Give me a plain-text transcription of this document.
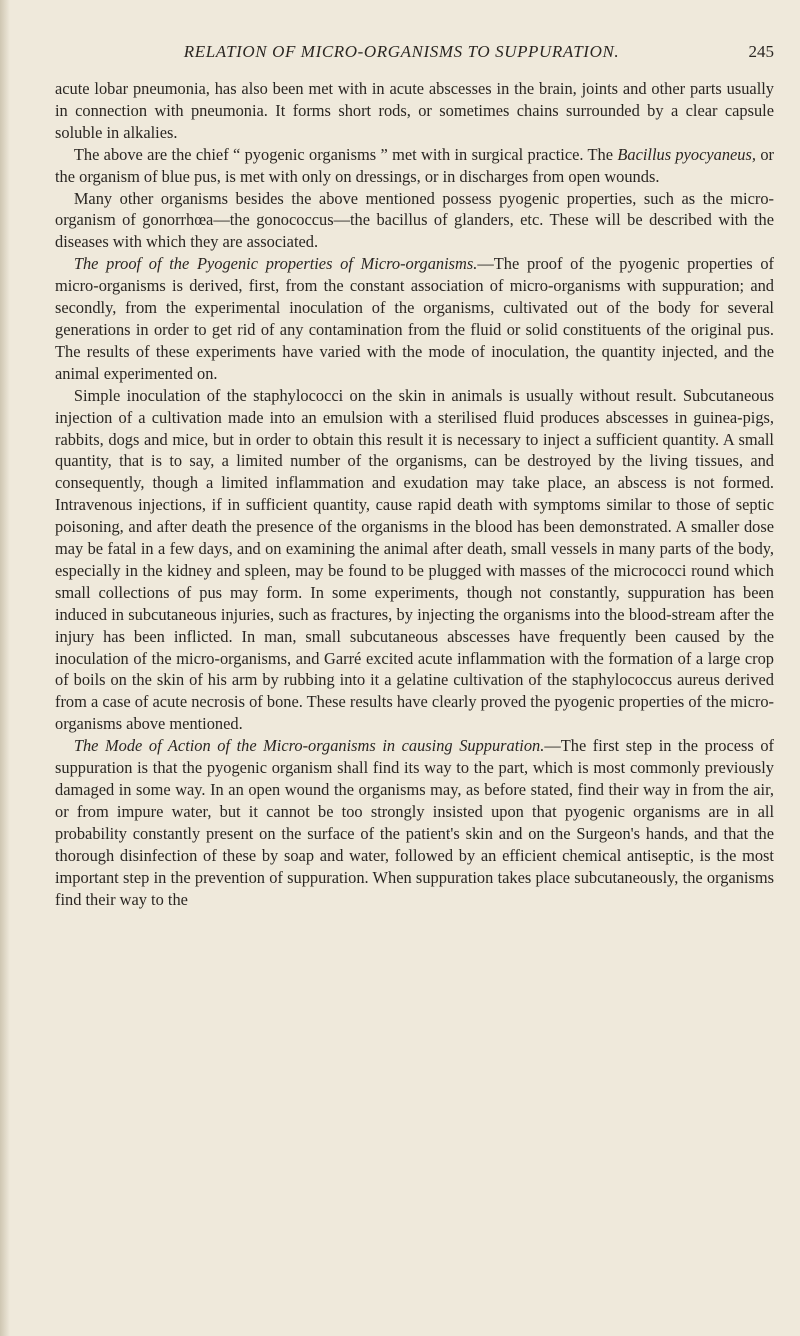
RELATION OF MICRO-ORGANISMS TO SUPPURATION.	245

acute lobar pneumonia, has also been met with in acute abscesses in the brain, joints and other parts usually in connection with pneumonia. It forms short rods, or sometimes chains surrounded by a clear capsule soluble in alkalies.

The above are the chief “ pyogenic organisms ” met with in surgical practice. The Bacillus pyocyaneus, or the organism of blue pus, is met with only on dressings, or in discharges from open wounds.

Many other organisms besides the above mentioned possess pyogenic properties, such as the micro-organism of gonorrhœa—the gonococcus—the bacillus of glanders, etc. These will be described with the diseases with which they are associated.

The proof of the Pyogenic properties of Micro-organisms.—The proof of the pyogenic properties of micro-organisms is derived, first, from the constant association of micro-organisms with suppuration; and secondly, from the experimental inoculation of the organisms, cultivated out of the body for several generations in order to get rid of any contamination from the fluid or solid constituents of the original pus. The results of these experiments have varied with the mode of inoculation, the quantity injected, and the animal experimented on.

Simple inoculation of the staphylococci on the skin in animals is usually without result. Subcutaneous injection of a cultivation made into an emulsion with a sterilised fluid produces abscesses in guinea-pigs, rabbits, dogs and mice, but in order to obtain this result it is necessary to inject a sufficient quantity. A small quantity, that is to say, a limited number of the organisms, can be destroyed by the living tissues, and consequently, though a limited inflammation and exudation may take place, an abscess is not formed. Intravenous injections, if in sufficient quantity, cause rapid death with symptoms similar to those of septic poisoning, and after death the presence of the organisms in the blood has been demonstrated. A smaller dose may be fatal in a few days, and on examining the animal after death, small vessels in many parts of the body, especially in the kidney and spleen, may be found to be plugged with masses of the micrococci round which small collections of pus may form. In some experiments, though not constantly, suppuration has been induced in subcutaneous injuries, such as fractures, by injecting the organisms into the blood-stream after the injury has been inflicted. In man, small subcutaneous abscesses have frequently been caused by the inoculation of the micro-organisms, and Garré excited acute inflammation with the formation of a large crop of boils on the skin of his arm by rubbing into it a gelatine cultivation of the staphylococcus aureus derived from a case of acute necrosis of bone. These results have clearly proved the pyogenic properties of the micro-organisms above mentioned.

The Mode of Action of the Micro-organisms in causing Suppuration.—The first step in the process of suppuration is that the pyogenic organism shall find its way to the part, which is most commonly previously damaged in some way. In an open wound the organisms may, as before stated, find their way in from the air, or from impure water, but it cannot be too strongly insisted upon that pyogenic organisms are in all probability constantly present on the surface of the patient's skin and on the Surgeon's hands, and that the thorough disinfection of these by soap and water, followed by an efficient chemical antiseptic, is the most important step in the prevention of suppuration. When suppuration takes place subcutaneously, the organisms find their way to the
